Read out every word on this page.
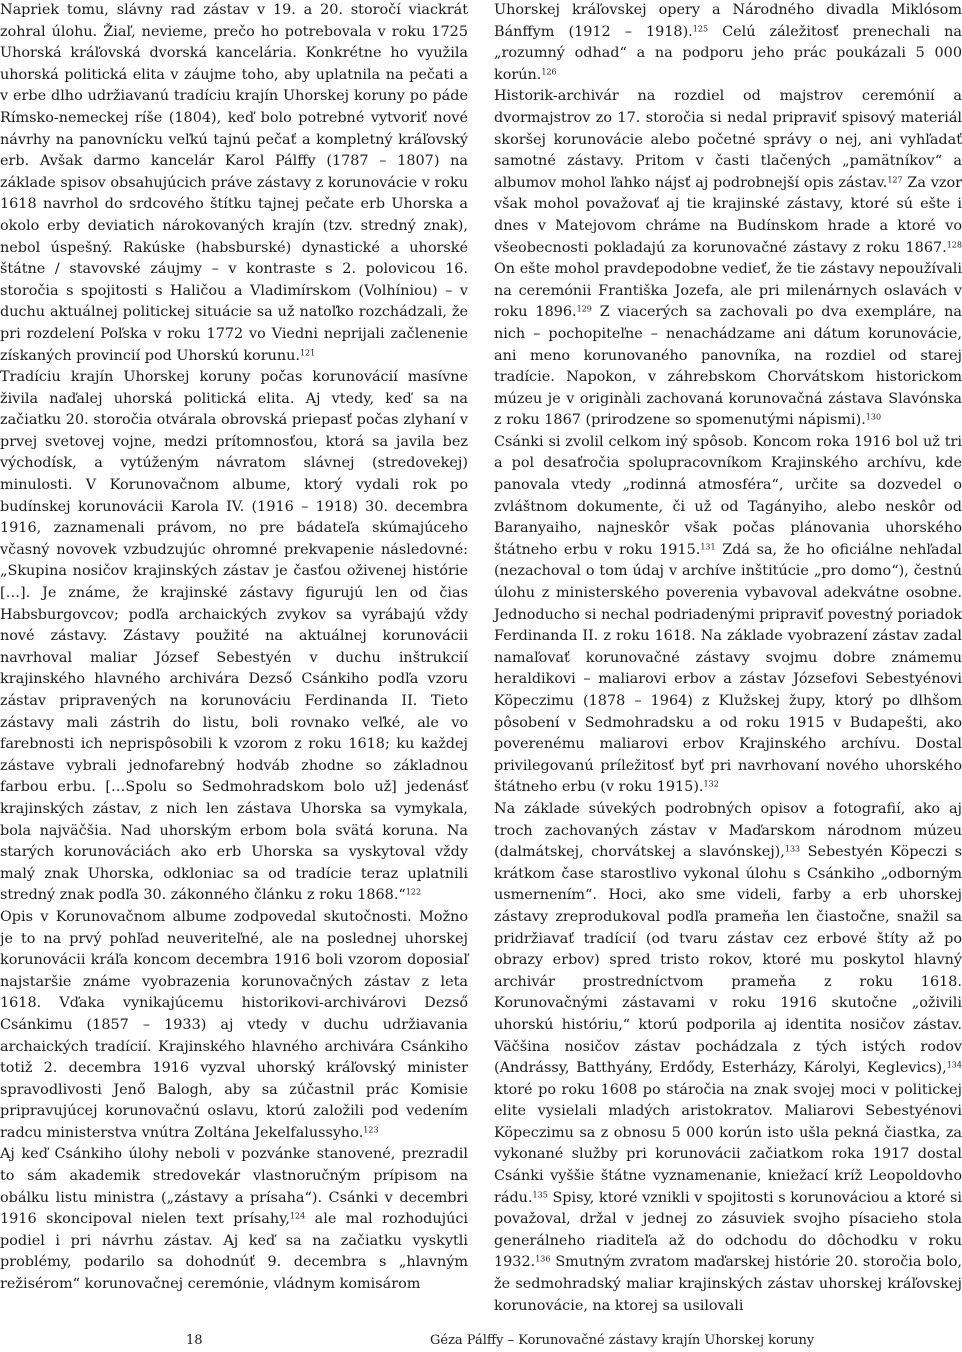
Napriek tomu, slávny rad zástav v 19. a 20. storočí viackrát zohral úlohu. Žiaľ, nevieme, prečo ho potrebovala v roku 1725 Uhorská kráľovská dvorská kancelária. Konkrétne ho využila uhorská politická elita v záujme toho, aby uplatnila na pečati a v erbe dlho udržiavanú tradíciu krajín Uhorskej koruny po páde Rímsko-nemeckej ríše (1804), keď bolo potrebné vytvoriť nové návrhy na panovnícku veľkú tajnú pečať a kompletný kráľovský erb. Avšak darmo kancelár Karol Pálffy (1787 – 1807) na základe spisov obsahujúcich práve zástavy z korunovácie v roku 1618 navrhol do srdcového štítku tajnej pečate erb Uhorska a okolo erby deviatich nárokovaných krajín (tzv. stredný znak), nebol úspešný. Rakúske (habsburské) dynastické a uhorské štátne / stavovské záujmy – v kontraste s 2. polovicou 16. storočia s spojitosti s Haličou a Vladimírskom (Volhíniou) – v duchu aktuálnej politickej situácie sa už natoľko rozchádzali, že pri rozdelení Poľska v roku 1772 vo Viedni neprijali začlenenie získaných provincií pod Uhorskú korunu.$^{121}$

Tradíciu krajín Uhorskej koruny počas korunovácií masívne živila naďalej uhorská politická elita. Aj vtedy, keď sa na začiatku 20. storočia otvárala obrovská priepasť počas zlyhaní v prvej svetovej vojne, medzi prítomnosťou, ktorá sa javila bez východísk, a vytúženým návratom slávnej (stredovekej) minulosti. V Korunovačnom albume, ktorý vydali rok po budínskej korunovácii Karola IV. (1916 – 1918) 30. decembra 1916, zaznamenali právom, no pre bádateľa skúmajúceho včasný novovek vzbudzujúc ohromné prekvapenie následovné: „Skupina nosičov krajinských zástav je časťou oživenej histórie […]. Je známe, že krajinské zástavy figurujú len od čias Habsburgovcov; podľa archaických zvykov sa vyrábajú vždy nové zástavy. Zástavy použité na aktuálnej korunovácii navrhoval maliar József Sebestyén v duchu inštrukcií krajinského hlavného archivára Dezső Csánkiho podľa vzoru zástav pripravených na korunováciu Ferdinanda II. Tieto zástavy mali zástrih do listu, boli rovnako veľké, ale vo farebnosti ich neprispôsobili k vzorom z roku 1618; ku každej zástave vybrali jednofarebný hodváb zhodne so základnou farbou erbu. […Spolu so Sedmohradskom bolo už] jedenásť krajinských zástav, z nich len zástava Uhorska sa vymykala, bola najväčšia. Nad uhorským erbom bola svätá koruna. Na starých korunováciách ako erb Uhorska sa vyskytoval vždy malý znak Uhorska, odkloniac sa od tradície teraz uplatnili stredný znak podľa 30. zákonného článku z roku 1868.“$^{122}$

Opis v Korunovačnom albume zodpovedal skutočnosti. Možno je to na prvý pohľad neuveriteľné, ale na poslednej uhorskej korunovácii kráľa koncom decembra 1916 boli vzorom doposiaľ najstaršie známe vyobrazenia korunovačných zástav z leta 1618. Vďaka vynikajúcemu historikovi-archivárovi Dezső Csánkimu (1857 – 1933) aj vtedy v duchu udržiavania archaických tradícií. Krajinského hlavného archivára Csánkiho totiž 2. decembra 1916 vyzval uhorský kráľovský minister spravodlivosti Jenő Balogh, aby sa zúčastnil prác Komisie pripravujúcej korunovačnú oslavu, ktorú založili pod vedením radcu ministerstva vnútra Zoltána Jekelfalussyho.$^{123}$

Aj keď Csánkiho úlohy neboli v pozvánke stanovené, prezradil to sám akademik stredovekár vlastnoručným prípisom na obálku listu ministra („zástavy a prísaha“). Csánki v decembri 1916 skoncipoval nielen text prísahy,$^{124}$ ale mal rozhodujúci podiel i pri návrhu zástav. Aj keď sa na začiatku vyskytli problémy, podarilo sa dohodnúť 9. decembra s „hlavným režisérom“ korunovačnej ceremónie, vládnym komisárom

Uhorskej kráľovskej opery a Národného divadla Miklósom Bánffym (1912 – 1918).$^{125}$ Celú záležitosť prenechali na „rozumný odhad“ a na podporu jeho prác poukázali 5 000 korún.$^{126}$

Historik-archivár na rozdiel od majstrov ceremónií a dvormajstrov zo 17. storočia si nedal pripraviť spisový materiál skoršej korunovácie alebo početné správy o nej, ani vyhľadať samotné zástavy. Pritom v časti tlačených „pamätníkov“ a albumov mohol ľahko nájsť aj podrobnejší opis zástav.$^{127}$ Za vzor však mohol považovať aj tie krajinské zástavy, ktoré sú ešte i dnes v Matejovom chráme na Budínskom hrade a ktoré vo všeobecnosti pokladajú za korunovačné zástavy z roku 1867.$^{128}$ On ešte mohol pravdepodobne vedieť, že tie zástavy nepoužívali na ceremónii Františka Jozefa, ale pri milenárnych oslavách v roku 1896.$^{129}$ Z viacerých sa zachovali po dva exempláre, na nich – pochopiteľne – nenachádzame ani dátum korunovácie, ani meno korunovaného panovníka, na rozdiel od starej tradície. Napokon, v záhrebskom Chorvátskom historickom múzeu je v originàli zachovaná korunovačná zástava Slavónska z roku 1867 (prirodzene so spomenutými nápismi).$^{130}$

Csánki si zvolil celkom iný spôsob. Koncom roka 1916 bol už tri a pol desaťročia spolupracovníkom Krajinského archívu, kde panovala vtedy „rodinná atmosféra“, určite sa dozvedel o zvláštnom dokumente, či už od Tagányiho, alebo neskôr od Baranyaiho, najneskôr však počas plánovania uhorského štátneho erbu v roku 1915.$^{131}$ Zdá sa, že ho oficiálne nehľadal (nezachoval o tom údaj v archíve inštitúcie „pro domo“), čestnú úlohu z ministerského poverenia vybavoval adekvátne osobne. Jednoducho si nechal podriadenými pripraviť povestný poriadok Ferdinanda II. z roku 1618. Na základe vyobrazení zástav zadal namaľovať korunovačné zástavy svojmu dobre známemu heraldikovi – maliarovi erbov a zástav Józsefovi Sebestyénovi Köpeczimu (1878 – 1964) z Klužskej župy, ktorý po dlhšom pôsobení v Sedmohradsku a od roku 1915 v Budapešti, ako poverenému maliarovi erbov Krajinského archívu. Dostal privilegovanú príležitosť byť pri navrhovaní nového uhorského štátneho erbu (v roku 1915).$^{132}$

Na základe súvekých podrobných opisov a fotografií, ako aj troch zachovaných zástav v Maďarskom národnom múzeu (dalmátskej, chorvátskej a slavónskej),$^{133}$ Sebestyén Köpeczi s krátkom čase starostlivo vykonal úlohu s Csánkiho „odborným usmernením“. Hoci, ako sme videli, farby a erb uhorskej zástavy zreprodukoval podľa prameňa len čiastočne, snažil sa pridržiavať tradícií (od tvaru zástav cez erbové štíty až po obrazy erbov) spred tristo rokov, ktoré mu poskytol hlavný archivár prostredníctvom prameňa z roku 1618. Korunovačnými zástavami v roku 1916 skutočne „oživili uhorskú históriu,“ ktorú podporila aj identita nosičov zástav. Väčšina nosičov zástav pochádzala z tých istých rodov (Andrássy, Batthyány, Erdődy, Esterházy, Károlyi, Keglevics),$^{134}$ ktoré po roku 1608 po stáročia na znak svojej moci v politickej elite vysielali mladých aristokratov. Maliarovi Sebestyénovi Köpeczimu sa z obnosu 5 000 korún isto ušla pekná čiastka, za vykonané služby pri korunovácii začiatkom roka 1917 dostal Csánki vyššie štátne vyznamenanie, kniežací kríž Leopoldovho rádu.$^{135}$ Spisy, ktoré vznikli v spojitosti s korunováciou a ktoré si považoval, držal v jednej zo zásuviek svojho písacieho stola generálneho riaditeľa až do odchodu do dôchodku v roku 1932.$^{136}$ Smutným zvratom maďarskej histórie 20. storočia bolo, že sedmohradský maliar krajinských zástav uhorskej kráľovskej korunovácie, na ktorej sa usilovali

18	Géza Pálffy – Korunovačné zástavy krajín Uhorskej koruny
